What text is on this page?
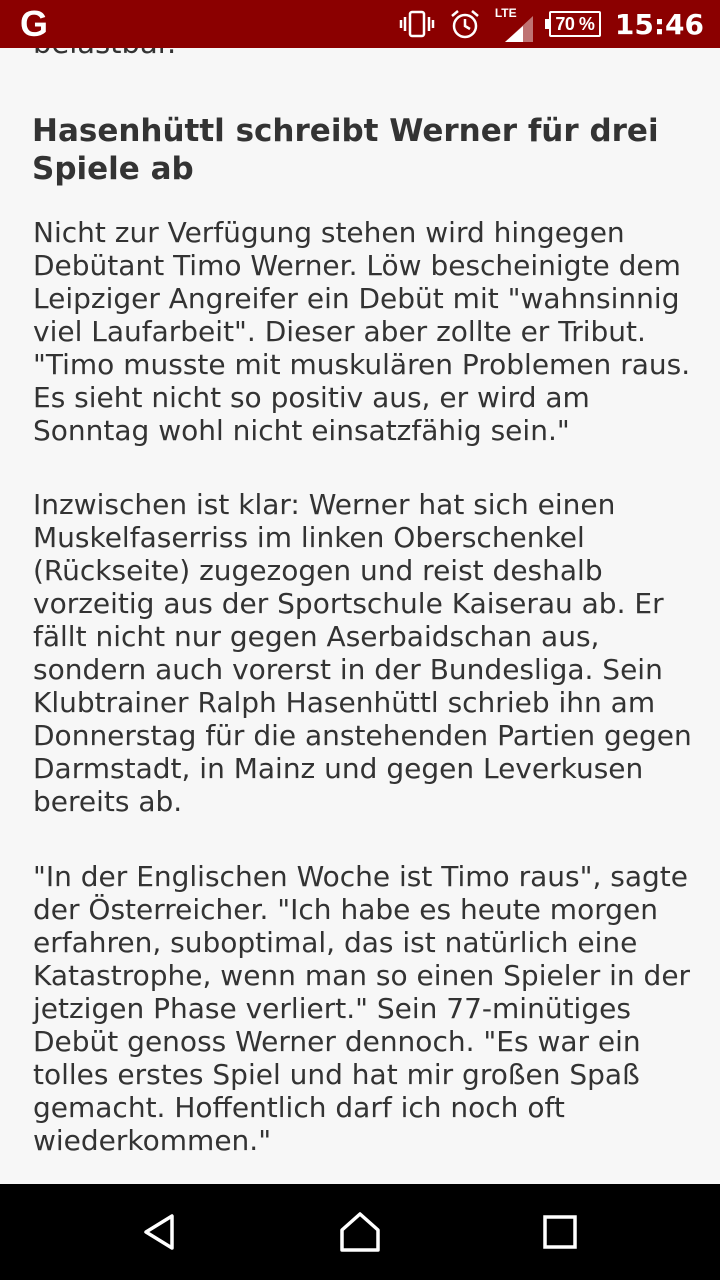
Hasenhüttl schreibt Werner für drei Spiele ab

Nicht zur Verfügung stehen wird hingegen Debütant Timo Werner. Löw bescheinigte dem Leipziger Angreifer ein Debüt mit "wahnsinnig viel Laufarbeit". Dieser aber zollte er Tribut. "Timo musste mit muskulären Problemen raus. Es sieht nicht so positiv aus, er wird am Sonntag wohl nicht einsatzfähig sein."

Inzwischen ist klar: Werner hat sich einen Muskelfaserriss im linken Oberschenkel (Rückseite) zugezogen und reist deshalb vorzeitig aus der Sportschule Kaiserau ab. Er fällt nicht nur gegen Aserbaidschan aus, sondern auch vorerst in der Bundesliga. Sein Klubtrainer Ralph Hasenhüttl schrieb ihn am Donnerstag für die anstehenden Partien gegen Darmstadt, in Mainz und gegen Leverkusen bereits ab.

"In der Englischen Woche ist Timo raus", sagte der Österreicher. "Ich habe es heute morgen erfahren, suboptimal, das ist natürlich eine Katastrophe, wenn man so einen Spieler in der jetzigen Phase verliert." Sein 77-minütiges Debüt genoss Werner dennoch. "Es war ein tolles erstes Spiel und hat mir großen Spaß gemacht. Hoffentlich darf ich noch oft wiederkommen."

G	LTE
70 % 15:46
